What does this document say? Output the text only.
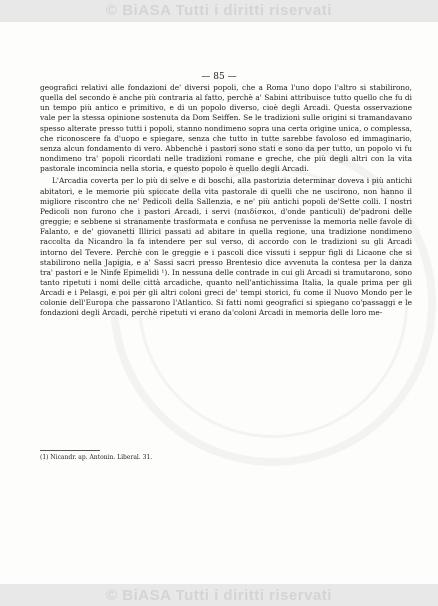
© BiASA Tutti i diritti riservati
— 85 —

geografici relativi alle fondazioni de' diversi popoli, che a Roma l'uno dopo l'altro si stabilirono, quella del secondo è anche più contraria al fatto, perchè a' Sabini attribuisce tutto quello che fu di un tempo più antico e primitivo, e di un popolo diverso, cioè degli Arcadi. Questa osservazione vale per la stessa opinione sostenuta da Dom Seiffen. Se le tradizioni sulle origini si tramandavano spesso alterate presso tutti i popoli, stanno nondimeno sopra una certa origine unica, o complessa, che riconoscere fa d'uopo e spiegare, senza che tutto in tutte sarebbe favoloso ed immaginario, senza alcun fondamento di vero. Abbenchè i pastori sono stati e sono da per tutto, un popolo vi fu nondimeno tra' popoli ricordati nelle tradizioni romane e greche, che più degli altri con la vita pastorale incomincia nella storia, e questo popolo è quello degli Arcadi.

L'Arcadia coverta per lo più di selve e di boschi, alla pastorizia determinar doveva i più antichi abitatori, e le memorie più spiccate della vita pastorale di quelli che ne uscirono, non hanno il migliore riscontro che ne' Pedicoli della Sallenzia, e ne' più antichi popoli de'Sette colli. I nostri Pedicoli non furono che i pastori Arcadi, i servi (παιδίσκοι, d'onde panticuli) de'padroni delle greggie; e sebbene si stranamente trasformata e confusa ne pervenisse la memoria nelle favole di Falanto, e de' giovanetti Illirici passati ad abitare in quella regione, una tradizione nondimeno raccolta da Nicandro la fa intendere per sul verso, di accordo con le tradizioni su gli Arcadi intorno del Tevere. Perchè con le greggie e i pascoli dice vissuti i seppur figli di Licaone che si stabilirono nella Japigia, e a' Sassi sacri presso Brentesio dice avvenuta la contesa per la danza tra' pastori e le Ninfe Epimelidi ¹). In nessuna delle contrade in cui gli Arcadi si tramutarono, sono tanto ripetuti i nomi delle città arcadiche, quanto nell'antichissima Italia, la quale prima per gli Arcadi e i Pelasgi, e poi per gli altri coloni greci de' tempi storici, fu come il Nuovo Mondo per le colonie dell'Europa che passarono l'Atlantico. Si fatti nomi geografici si spiegano co'passaggi e le fondazioni degli Arcadi, perchè ripetuti vi erano da'coloni Arcadi in memoria delle loro me-

(1) Nicandr. ap. Antonin. Liberal. 31.
© BiASA Tutti i diritti riservati
